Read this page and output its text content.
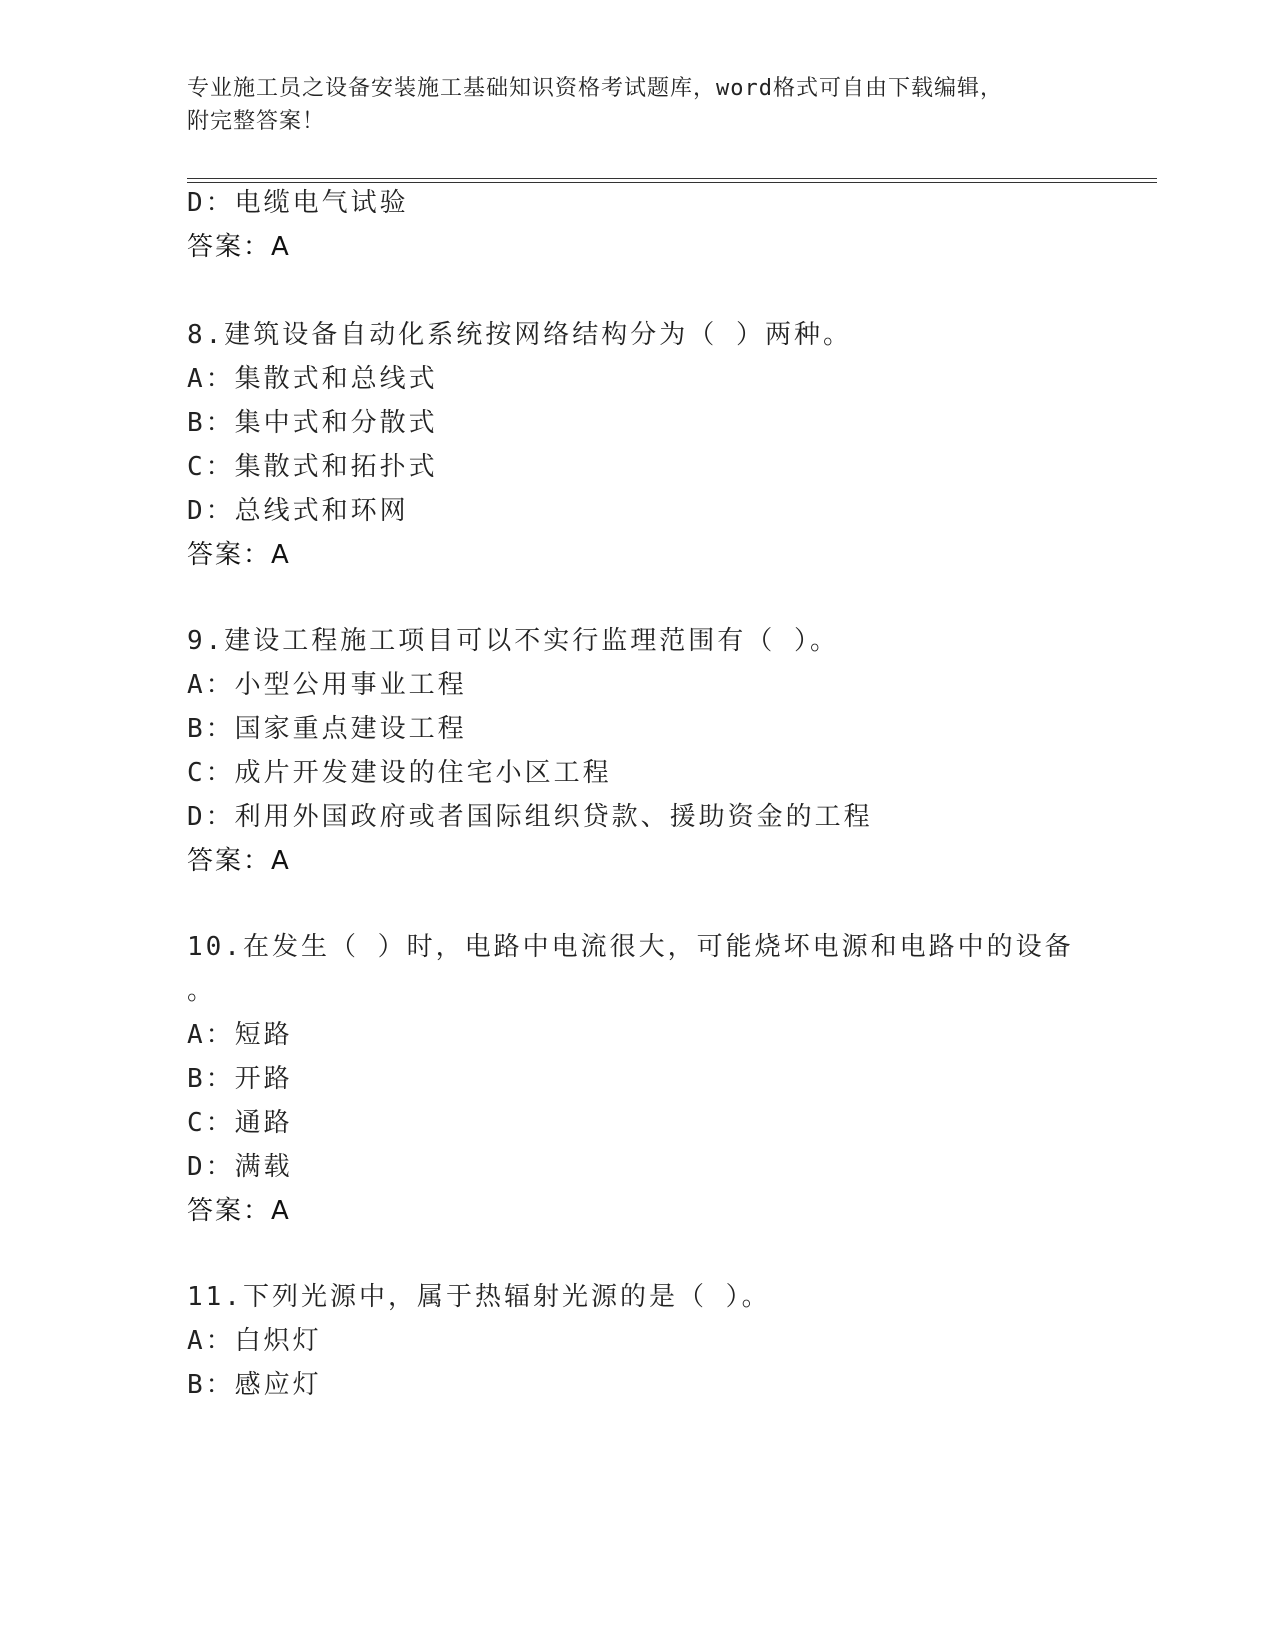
专业施工员之设备安装施工基础知识资格考试题库，word格式可自由下载编辑，
附完整答案！
D：电缆电气试验
答案：A
8.建筑设备自动化系统按网络结构分为（ ）两种。
A：集散式和总线式
B：集中式和分散式
C：集散式和拓扑式
D：总线式和环网
答案：A
9.建设工程施工项目可以不实行监理范围有（ ）。
A：小型公用事业工程
B：国家重点建设工程
C：成片开发建设的住宅小区工程
D：利用外国政府或者国际组织贷款、援助资金的工程
答案：A
10.在发生（ ）时，电路中电流很大，可能烧坏电源和电路中的设备
。
A：短路
B：开路
C：通路
D：满载
答案：A
11.下列光源中，属于热辐射光源的是（ ）。
A：白炽灯
B：感应灯
